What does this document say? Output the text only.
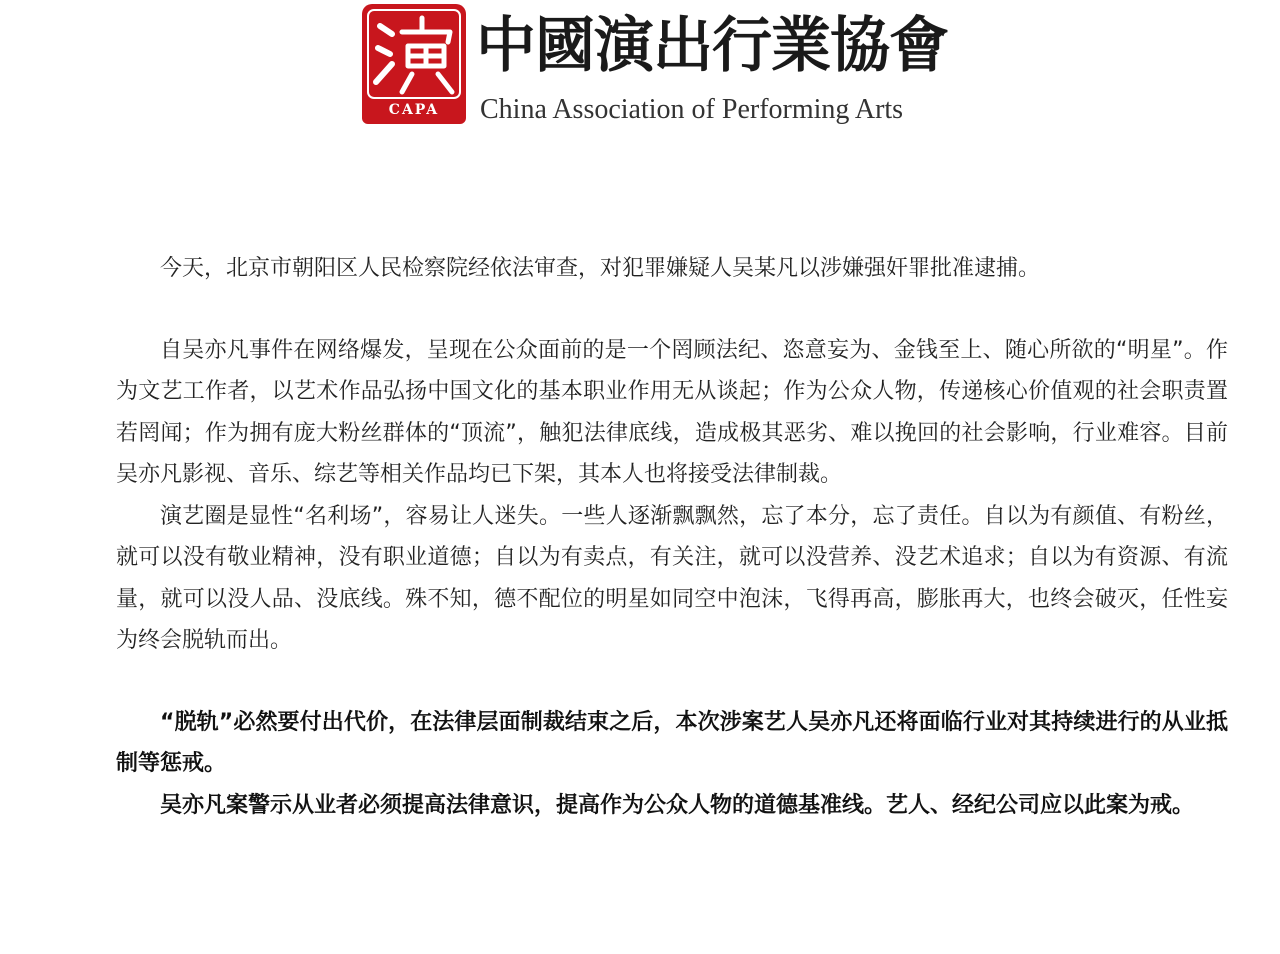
CAPA
中國演出行業協會
China Association of Performing Arts

今天，北京市朝阳区人民检察院经依法审查，对犯罪嫌疑人吴某凡以涉嫌强奸罪批准逮捕。

自吴亦凡事件在网络爆发，呈现在公众面前的是一个罔顾法纪、恣意妄为、金钱至上、随心所欲的“明星”。作为文艺工作者，以艺术作品弘扬中国文化的基本职业作用无从谈起；作为公众人物，传递核心价值观的社会职责置若罔闻；作为拥有庞大粉丝群体的“顶流”，触犯法律底线，造成极其恶劣、难以挽回的社会影响，行业难容。目前吴亦凡影视、音乐、综艺等相关作品均已下架，其本人也将接受法律制裁。

演艺圈是显性“名利场”，容易让人迷失。一些人逐渐飘飘然，忘了本分，忘了责任。自以为有颜值、有粉丝，就可以没有敬业精神，没有职业道德；自以为有卖点，有关注，就可以没营养、没艺术追求；自以为有资源、有流量，就可以没人品、没底线。殊不知，德不配位的明星如同空中泡沫，飞得再高，膨胀再大，也终会破灭，任性妄为终会脱轨而出。

“脱轨”必然要付出代价，在法律层面制裁结束之后，本次涉案艺人吴亦凡还将面临行业对其持续进行的从业抵制等惩戒。

吴亦凡案警示从业者必须提高法律意识，提高作为公众人物的道德基准线。艺人、经纪公司应以此案为戒。
